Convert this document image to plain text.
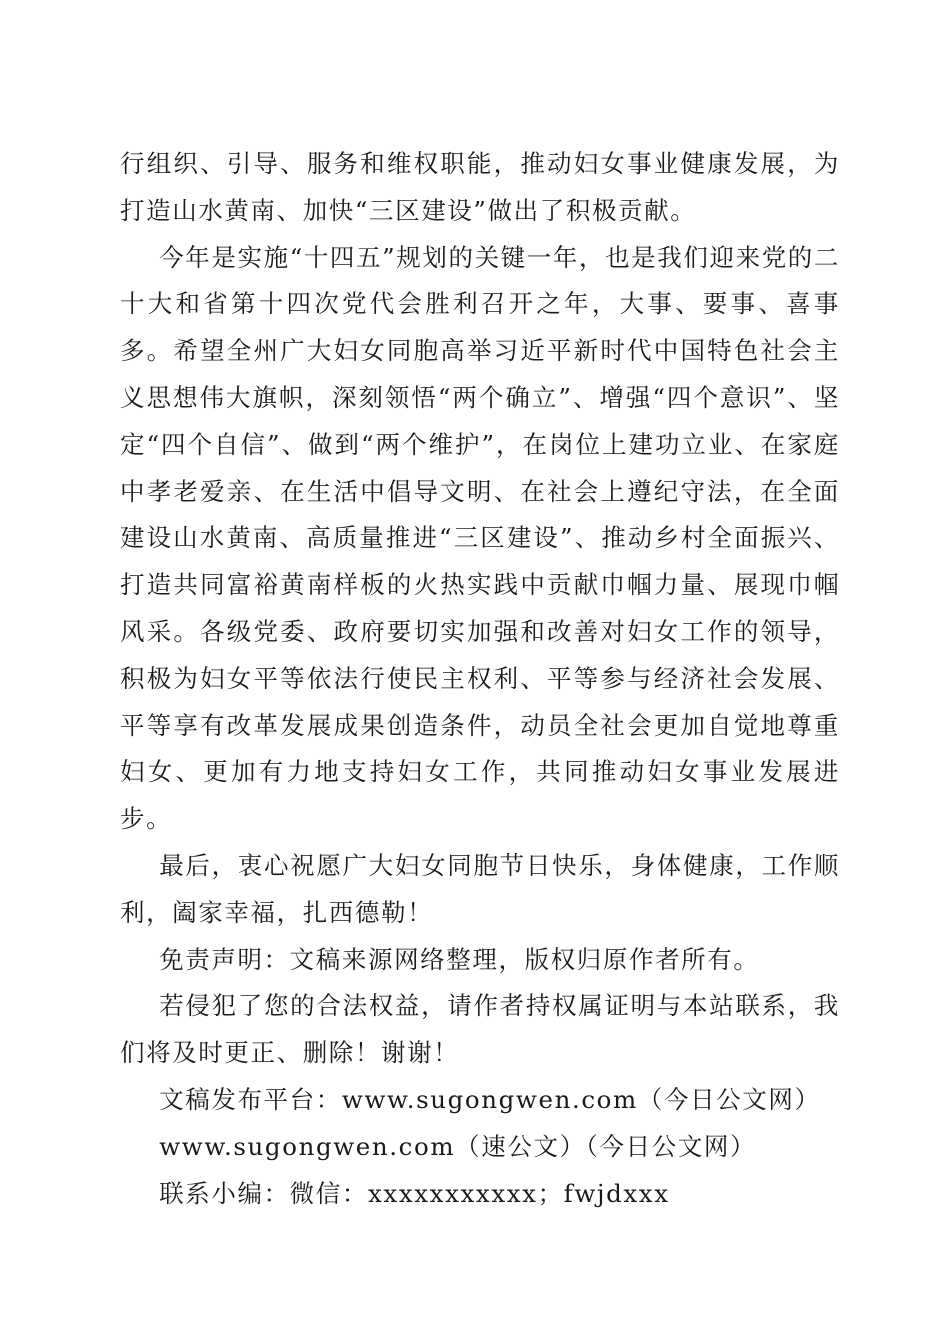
行组织、引导、服务和维权职能，推动妇女事业健康发展，为打造山水黄南、加快“三区建设”做出了积极贡献。

今年是实施“十四五”规划的关键一年，也是我们迎来党的二十大和省第十四次党代会胜利召开之年，大事、要事、喜事多。希望全州广大妇女同胞高举习近平新时代中国特色社会主义思想伟大旗帜，深刻领悟“两个确立”、增强“四个意识”、坚定“四个自信”、做到“两个维护”，在岗位上建功立业、在家庭中孝老爱亲、在生活中倡导文明、在社会上遵纪守法，在全面建设山水黄南、高质量推进“三区建设”、推动乡村全面振兴、打造共同富裕黄南样板的火热实践中贡献巾帼力量、展现巾帼风采。各级党委、政府要切实加强和改善对妇女工作的领导，积极为妇女平等依法行使民主权利、平等参与经济社会发展、平等享有改革发展成果创造条件，动员全社会更加自觉地尊重妇女、更加有力地支持妇女工作，共同推动妇女事业发展进步。

最后，衷心祝愿广大妇女同胞节日快乐，身体健康，工作顺利，阖家幸福，扎西德勒！

免责声明：文稿来源网络整理，版权归原作者所有。

若侵犯了您的合法权益，请作者持权属证明与本站联系，我们将及时更正、删除！谢谢！

文稿发布平台：www.sugongwen.com（今日公文网）

www.sugongwen.com（速公文）（今日公文网）

联系小编：微信：xxxxxxxxxxx；fwjdxxx
